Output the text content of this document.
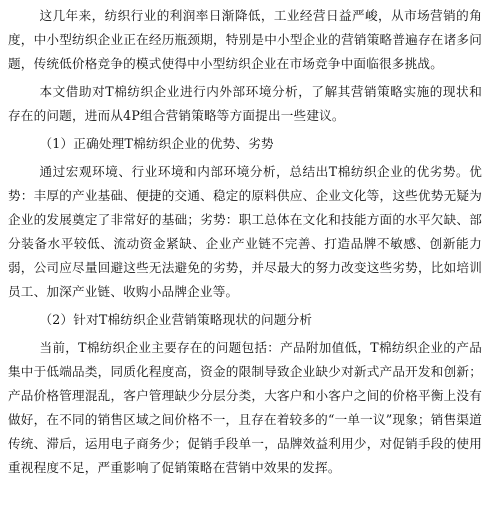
这几年来，纺织行业的利润率日渐降低，工业经营日益严峻，从市场营销的角度，中小型纺织企业正在经历瓶颈期，特别是中小型企业的营销策略普遍存在诸多问题，传统低价格竞争的模式使得中小型纺织企业在市场竞争中面临很多挑战。

本文借助对T棉纺织企业进行内外部环境分析，了解其营销策略实施的现状和存在的问题，进而从4P组合营销策略等方面提出一些建议。

（1）正确处理T棉纺织企业的优势、劣势

通过宏观环境、行业环境和内部环境分析，总结出T棉纺织企业的优劣势。优势：丰厚的产业基础、便捷的交通、稳定的原料供应、企业文化等，这些优势无疑为企业的发展奠定了非常好的基础；劣势：职工总体在文化和技能方面的水平欠缺、部分装备水平较低、流动资金紧缺、企业产业链不完善、打造品牌不敏感、创新能力弱，公司应尽量回避这些无法避免的劣势，并尽最大的努力改变这些劣势，比如培训员工、加深产业链、收购小品牌企业等。

（2）针对T棉纺织企业营销策略现状的问题分析

当前，T棉纺织企业主要存在的问题包括：产品附加值低，T棉纺织企业的产品集中于低端品类，同质化程度高，资金的限制导致企业缺少对新式产品开发和创新；产品价格管理混乱，客户管理缺少分层分类，大客户和小客户之间的价格平衡上没有做好，在不同的销售区域之间价格不一，且存在着较多的“一单一议”现象；销售渠道传统、滞后，运用电子商务少；促销手段单一，品牌效益利用少，对促销手段的使用重视程度不足，严重影响了促销策略在营销中效果的发挥。
